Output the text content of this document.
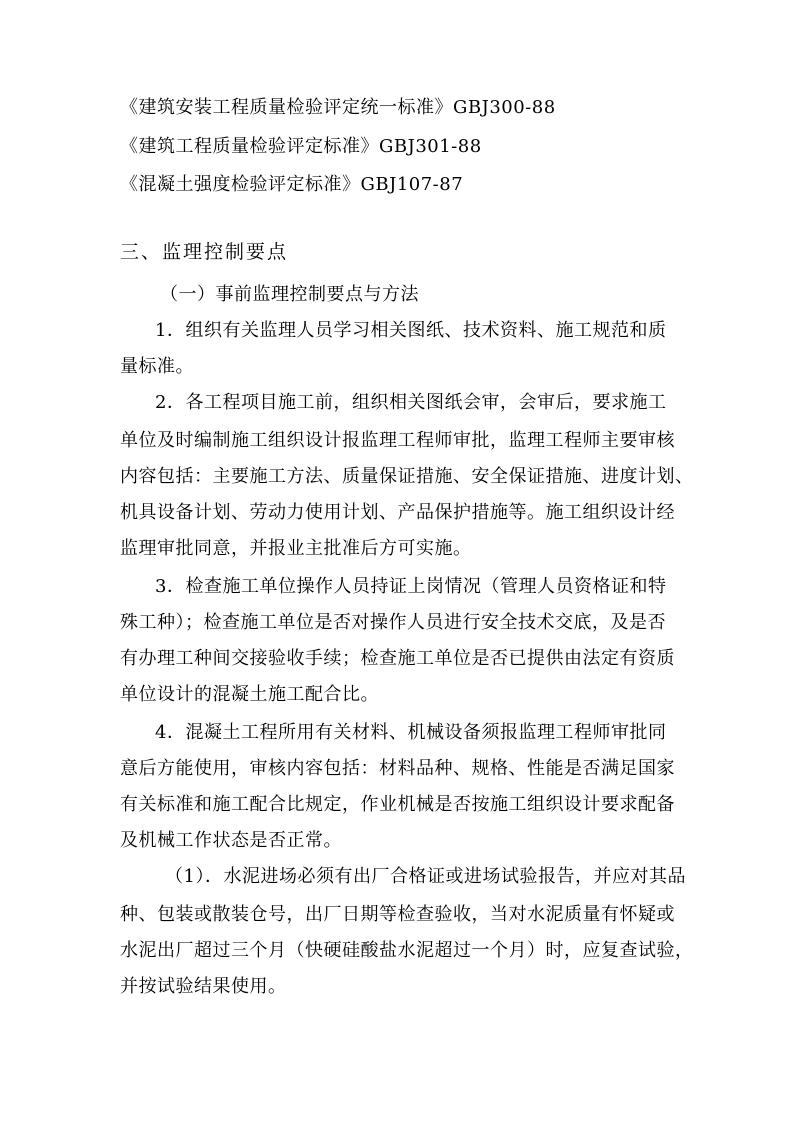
《建筑安装工程质量检验评定统一标准》GBJ300-88
《建筑工程质量检验评定标准》GBJ301-88
《混凝土强度检验评定标准》GBJ107-87
三、监理控制要点
（一）事前监理控制要点与方法
1．组织有关监理人员学习相关图纸、技术资料、施工规范和质
量标准。
2．各工程项目施工前，组织相关图纸会审，会审后，要求施工
单位及时编制施工组织设计报监理工程师审批，监理工程师主要审核
内容包括：主要施工方法、质量保证措施、安全保证措施、进度计划、
机具设备计划、劳动力使用计划、产品保护措施等。施工组织设计经
监理审批同意，并报业主批准后方可实施。
3．检查施工单位操作人员持证上岗情况（管理人员资格证和特
殊工种）；检查施工单位是否对操作人员进行安全技术交底，及是否
有办理工种间交接验收手续；检查施工单位是否已提供由法定有资质
单位设计的混凝土施工配合比。
4．混凝土工程所用有关材料、机械设备须报监理工程师审批同
意后方能使用，审核内容包括：材料品种、规格、性能是否满足国家
有关标准和施工配合比规定，作业机械是否按施工组织设计要求配备
及机械工作状态是否正常。
（1）．水泥进场必须有出厂合格证或进场试验报告，并应对其品
种、包装或散装仓号，出厂日期等检查验收，当对水泥质量有怀疑或
水泥出厂超过三个月（快硬硅酸盐水泥超过一个月）时，应复查试验，
并按试验结果使用。
